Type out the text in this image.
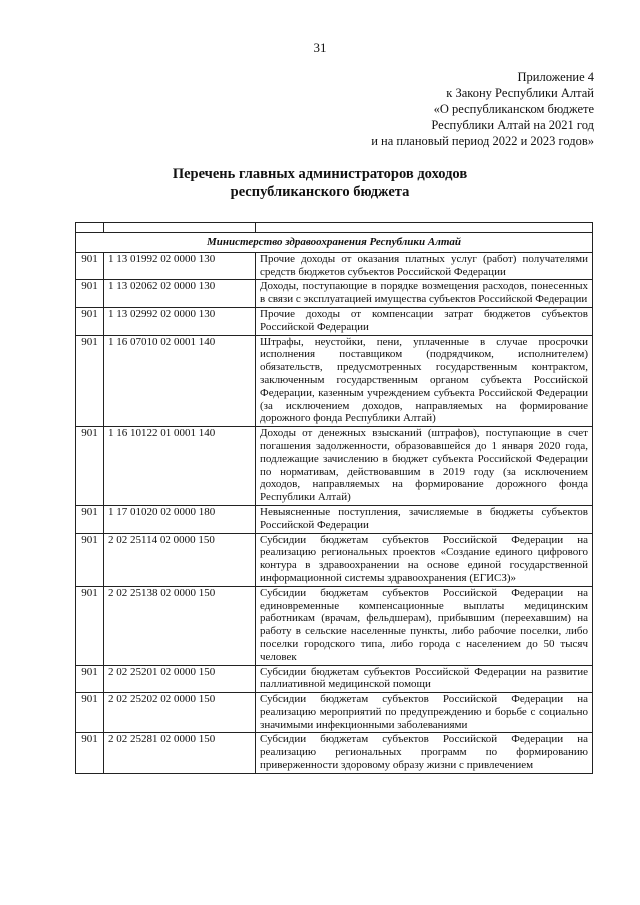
31
Приложение 4
к Закону Республики Алтай
«О республиканском бюджете
Республики Алтай на 2021 год
и на плановый период 2022 и 2023 годов»
Перечень главных администраторов доходов
республиканского бюджета

Министерство здравоохранения Республики Алтай		
901	1 13 01992 02 0000 130	Прочие доходы от оказания платных услуг (работ) получателями средств бюджетов субъектов Российской Федерации
901	1 13 02062 02 0000 130	Доходы, поступающие в порядке возмещения расходов, понесенных в связи с эксплуатацией имущества субъектов Российской Федерации
901	1 13 02992 02 0000 130	Прочие доходы от компенсации затрат бюджетов субъектов Российской Федерации
901	1 16 07010 02 0001 140	Штрафы, неустойки, пени, уплаченные в случае просрочки исполнения поставщиком (подрядчиком, исполнителем) обязательств, предусмотренных государственным контрактом, заключенным государственным органом субъекта Российской Федерации, казенным учреждением субъекта Российской Федерации (за исключением доходов, направляемых на формирование дорожного фонда Республики Алтай)
901	1 16 10122 01 0001 140	Доходы от денежных взысканий (штрафов), поступающие в счет погашения задолженности, образовавшейся до 1 января 2020 года, подлежащие зачислению в бюджет субъекта Российской Федерации по нормативам, действовавшим в 2019 году (за исключением доходов, направляемых на формирование дорожного фонда Республики Алтай)
901	1 17 01020 02 0000 180	Невыясненные поступления, зачисляемые в бюджеты субъектов Российской Федерации
901	2 02 25114 02 0000 150	Субсидии бюджетам субъектов Российской Федерации на реализацию региональных проектов «Создание единого цифрового контура в здравоохранении на основе единой государственной информационной системы здравоохранения (ЕГИСЗ)»
901	2 02 25138 02 0000 150	Субсидии бюджетам субъектов Российской Федерации на единовременные компенсационные выплаты медицинским работникам (врачам, фельдшерам), прибывшим (переехавшим) на работу в сельские населенные пункты, либо рабочие поселки, либо поселки городского типа, либо города с населением до 50 тысяч человек
901	2 02 25201 02 0000 150	Субсидии бюджетам субъектов Российской Федерации на развитие паллиативной медицинской помощи
901	2 02 25202 02 0000 150	Субсидии бюджетам субъектов Российской Федерации на реализацию мероприятий по предупреждению и борьбе с социально значимыми инфекционными заболеваниями
901	2 02 25281 02 0000 150	Субсидии бюджетам субъектов Российской Федерации на реализацию региональных программ по формированию приверженности здоровому образу жизни с привлечением
